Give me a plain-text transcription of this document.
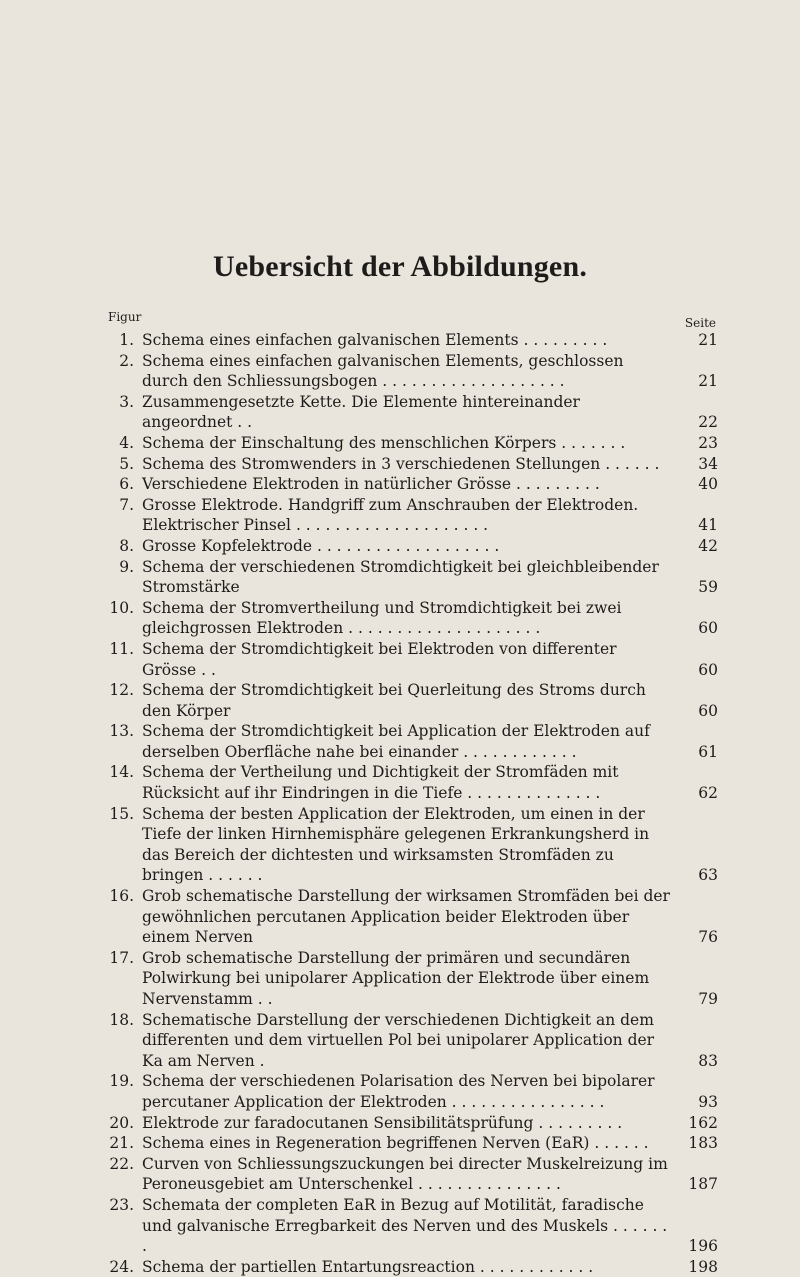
Uebersicht der Abbildungen.
Figur	Seite
1. Schema eines einfachen galvanischen Elements . . . . . . . . .	21
2. Schema eines einfachen galvanischen Elements, geschlossen durch den Schliessungsbogen . . . . . . . . . . . . . . . . . . .	21
3. Zusammengesetzte Kette. Die Elemente hintereinander angeordnet . .	22
4. Schema der Einschaltung des menschlichen Körpers . . . . . . .	23
5. Schema des Stromwenders in 3 verschiedenen Stellungen . . . . . .	34
6. Verschiedene Elektroden in natürlicher Grösse . . . . . . . . .	40
7. Grosse Elektrode. Handgriff zum Anschrauben der Elektroden. Elektrischer Pinsel . . . . . . . . . . . . . . . . . . . .	41
8. Grosse Kopfelektrode . . . . . . . . . . . . . . . . . . .	42
9. Schema der verschiedenen Stromdichtigkeit bei gleichbleibender Stromstärke	59
10. Schema der Stromvertheilung und Stromdichtigkeit bei zwei gleichgrossen Elektroden . . . . . . . . . . . . . . . . . . . .	60
11. Schema der Stromdichtigkeit bei Elektroden von differenter Grösse . .	60
12. Schema der Stromdichtigkeit bei Querleitung des Stroms durch den Körper	60
13. Schema der Stromdichtigkeit bei Application der Elektroden auf derselben Oberfläche nahe bei einander . . . . . . . . . . . .	61
14. Schema der Vertheilung und Dichtigkeit der Stromfäden mit Rücksicht auf ihr Eindringen in die Tiefe . . . . . . . . . . . . . .	62
15. Schema der besten Application der Elektroden, um einen in der Tiefe der linken Hirnhemisphäre gelegenen Erkrankungsherd in das Bereich der dichtesten und wirksamsten Stromfäden zu bringen . . . . . .	63
16. Grob schematische Darstellung der wirksamen Stromfäden bei der gewöhnlichen percutanen Application beider Elektroden über einem Nerven	76
17. Grob schematische Darstellung der primären und secundären Polwirkung bei unipolarer Application der Elektrode über einem Nervenstamm . .	79
18. Schematische Darstellung der verschiedenen Dichtigkeit an dem differenten und dem virtuellen Pol bei unipolarer Application der Ka am Nerven .	83
19. Schema der verschiedenen Polarisation des Nerven bei bipolarer percutaner Application der Elektroden . . . . . . . . . . . . . . . .	93
20. Elektrode zur faradocutanen Sensibilitätsprüfung . . . . . . . . .	162
21. Schema eines in Regeneration begriffenen Nerven (EaR) . . . . . .	183
22. Curven von Schliessungszuckungen bei directer Muskelreizung im Peroneusgebiet am Unterschenkel . . . . . . . . . . . . . . .	187
23. Schemata der completen EaR in Bezug auf Motilität, faradische und galvanische Erregbarkeit des Nerven und des Muskels . . . . . . .	196
24. Schema der partiellen Entartungsreaction . . . . . . . . . . . .	198
